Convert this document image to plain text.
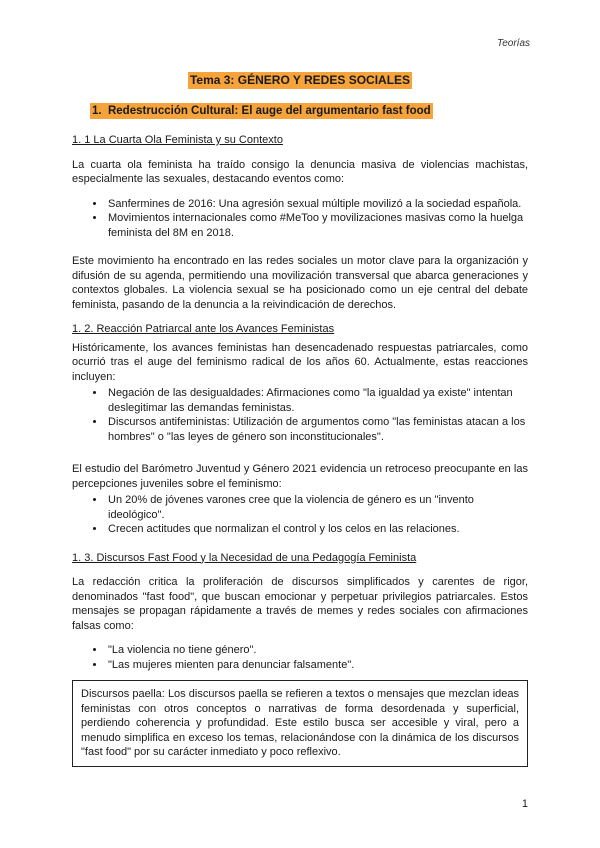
Teorías
Tema 3: GÉNERO Y REDES SOCIALES
1. Redestrucción Cultural: El auge del argumentario fast food
1. 1 La Cuarta Ola Feminista y su Contexto

La cuarta ola feminista ha traído consigo la denuncia masiva de violencias machistas, especialmente las sexuales, destacando eventos como:

• Sanfermines de 2016: Una agresión sexual múltiple movilizó a la sociedad española.
• Movimientos internacionales como #MeToo y movilizaciones masivas como la huelga feminista del 8M en 2018.

Este movimiento ha encontrado en las redes sociales un motor clave para la organización y difusión de su agenda, permitiendo una movilización transversal que abarca generaciones y contextos globales. La violencia sexual se ha posicionado como un eje central del debate feminista, pasando de la denuncia a la reivindicación de derechos.

1. 2. Reacción Patriarcal ante los Avances Feministas

Históricamente, los avances feministas han desencadenado respuestas patriarcales, como ocurrió tras el auge del feminismo radical de los años 60. Actualmente, estas reacciones incluyen:

• Negación de las desigualdades: Afirmaciones como "la igualdad ya existe" intentan deslegitimar las demandas feministas.
• Discursos antifeministas: Utilización de argumentos como "las feministas atacan a los hombres" o "las leyes de género son inconstitucionales".

El estudio del Barómetro Juventud y Género 2021 evidencia un retroceso preocupante en las percepciones juveniles sobre el feminismo:

• Un 20% de jóvenes varones cree que la violencia de género es un "invento ideológico".
• Crecen actitudes que normalizan el control y los celos en las relaciones.
1. 3. Discursos Fast Food y la Necesidad de una Pedagogía Feminista

La redacción critica la proliferación de discursos simplificados y carentes de rigor, denominados "fast food", que buscan emocionar y perpetuar privilegios patriarcales. Estos mensajes se propagan rápidamente a través de memes y redes sociales con afirmaciones falsas como:

• "La violencia no tiene género".
• "Las mujeres mienten para denunciar falsamente".
Discursos paella: Los discursos paella se refieren a textos o mensajes que mezclan ideas feministas con otros conceptos o narrativas de forma desordenada y superficial, perdiendo coherencia y profundidad. Este estilo busca ser accesible y viral, pero a menudo simplifica en exceso los temas, relacionándose con la dinámica de los discursos "fast food" por su carácter inmediato y poco reflexivo.
1
